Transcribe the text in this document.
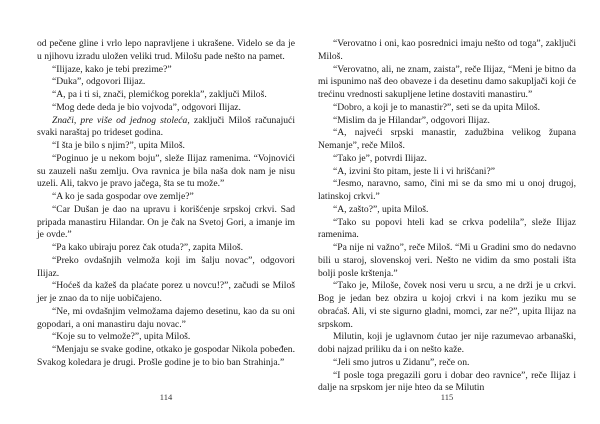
od pečene gline i vrlo lepo napravljene i ukrašene. Videlo se da je u njihovu izradu uložen veliki trud. Milošu pade nešto na pamet.

“Ilijaze, kako je tebi prezime?”

“Duka”, odgovori Ilijaz.

“A, pa i ti si, znači, plemićkog porekla”, zaključi Miloš.

“Mog dede deda je bio vojvoda”, odgovori Ilijaz.

Znači, pre više od jednog stoleća, zaključi Miloš računajući svaki naraštaj po trideset godina.

“I šta je bilo s njim?”, upita Miloš.

“Poginuo je u nekom boju”, sleže Ilijaz ramenima. “Vojnovići su zauzeli našu zemlju. Ova ravnica je bila naša dok nam je nisu uzeli. Ali, takvo je pravo jačega, šta se tu može.”

“A ko je sada gospodar ove zemlje?”

“Car Dušan je dao na upravu i korišćenje srpskoj crkvi. Sad pripada manastiru Hilandar. On je čak na Svetoj Gori, a imanje im je ovde.”

“Pa kako ubiraju porez čak otuda?”, zapita Miloš.

“Preko ovdašnjih velmoža koji im šalju novac”, odgovori Ilijaz.

“Hoćeš da kažeš da plaćate porez u novcu!?”, začudi se Miloš jer je znao da to nije uobičajeno.

“Ne, mi ovdašnjim velmožama dajemo desetinu, kao da su oni gopodari, a oni manastiru daju novac.”

“Koje su to velmože?”, upita Miloš.

“Menjaju se svake godine, otkako je gospodar Nikola pobeđen. Svakog koledara je drugi. Prošle godine je to bio ban Strahinja.”

114

“Verovatno i oni, kao posrednici imaju nešto od toga”, zaključi Miloš.

“Verovatno, ali, ne znam, zaista”, reče Ilijaz, “Meni je bitno da mi ispunimo naš deo obaveze i da desetinu damo sakupljači koji će trećinu vrednosti sakupljene letine dostaviti manastiru.”

“Dobro, a koji je to manastir?”, seti se da upita Miloš.

“Mislim da je Hilandar”, odgovori Ilijaz.

“A, najveći srpski manastir, zadužbina velikog župana Nemanje”, reče Miloš.

“Tako je”, potvrdi Ilijaz.

“A, izvini što pitam, jeste li i vi hrišćani?”

“Jesmo, naravno, samo, čini mi se da smo mi u onoj drugoj, latinskoj crkvi.”

“A, zašto?”, upita Miloš.

“Tako su popovi hteli kad se crkva podelila”, sleže Ilijaz ramenima.

“Pa nije ni važno”, reče Miloš. “Mi u Gradini smo do nedavno bili u staroj, slovenskoj veri. Nešto ne vidim da smo postali išta bolji posle krštenja.”

“Tako je, Miloše, čovek nosi veru u srcu, a ne drži je u crkvi. Bog je jedan bez obzira u kojoj crkvi i na kom jeziku mu se obraćaš. Ali, vi ste sigurno gladni, momci, zar ne?”, upita Ilijaz na srpskom.

Milutin, koji je uglavnom ćutao jer nije razumevao arbanaški, dobi najzad priliku da i on nešto kaže.

“Jeli smo jutros u Zidanu”, reče on.

“I posle toga pregazili goru i dobar deo ravnice”, reče Ilijaz i dalje na srpskom jer nije hteo da se Milutin

115
